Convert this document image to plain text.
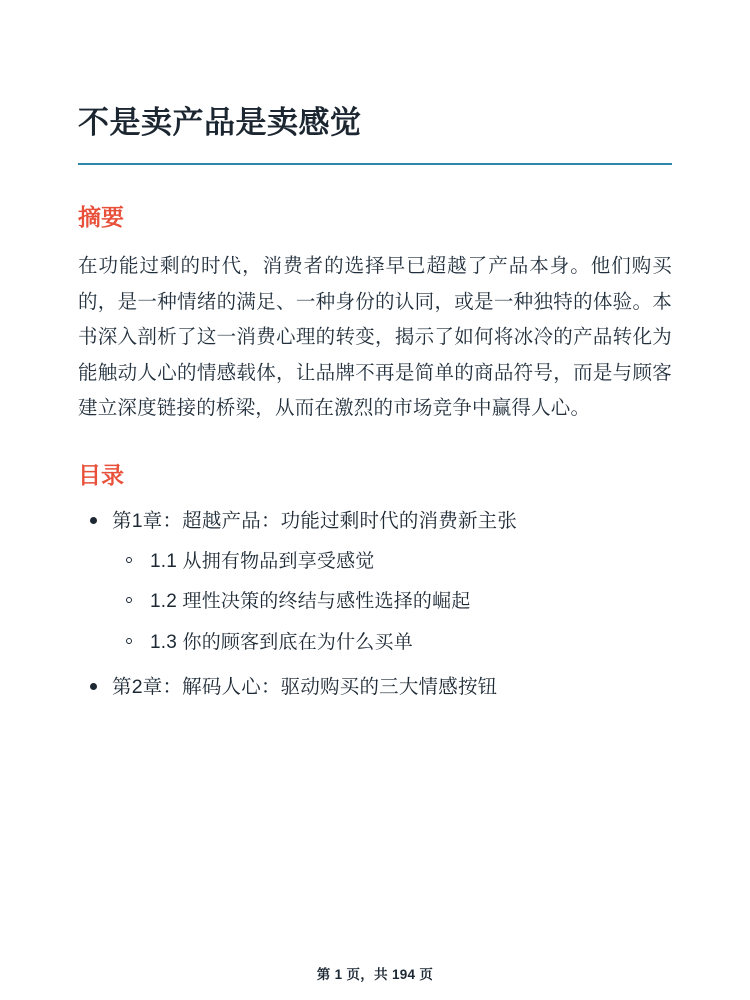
不是卖产品是卖感觉
摘要

在功能过剩的时代，消费者的选择早已超越了产品本身。他们购买的，是一种情绪的满足、一种身份的认同，或是一种独特的体验。本书深入剖析了这一消费心理的转变，揭示了如何将冰冷的产品转化为能触动人心的情感载体，让品牌不再是简单的商品符号，而是与顾客建立深度链接的桥梁，从而在激烈的市场竞争中赢得人心。

目录
第1章：超越产品：功能过剩时代的消费新主张
1.1 从拥有物品到享受感觉
1.2 理性决策的终结与感性选择的崛起
1.3 你的顾客到底在为什么买单
第2章：解码人心：驱动购买的三大情感按钮
第 1 页，共 194 页
